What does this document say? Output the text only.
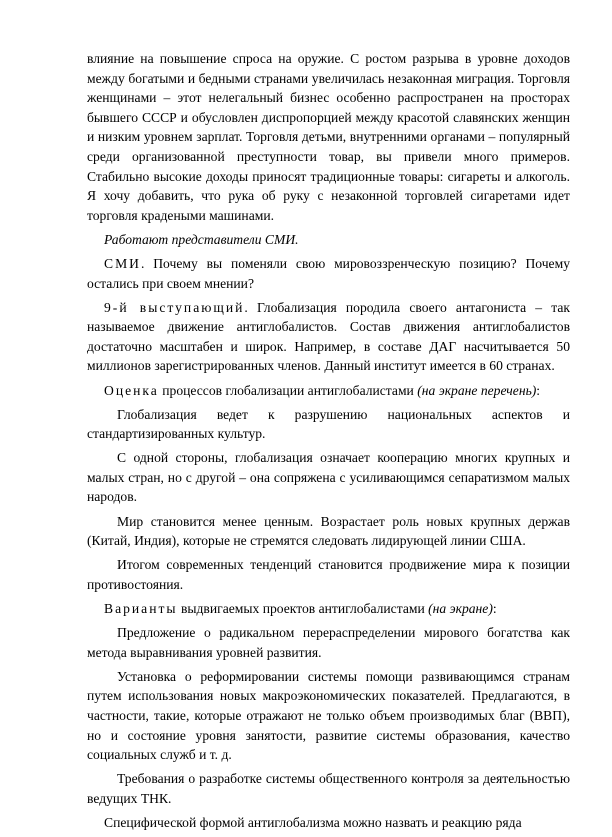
влияние на повышение спроса на оружие. С ростом разрыва в уровне доходов между богатыми и бедными странами увеличилась незаконная миграция. Торговля женщинами – этот нелегальный бизнес особенно распространен на просторах бывшего СССР и обусловлен диспропорцией между красотой славянских женщин и низким уровнем зарплат. Торговля детьми, внутренними органами – популярный среди организованной преступности товар, вы привели много примеров. Стабильно высокие доходы приносят традиционные товары: сигареты и алкоголь. Я хочу добавить, что рука об руку с незаконной торговлей сигаретами идет торговля крадеными машинами.

Работают представители СМИ.

СМИ. Почему вы поменяли свою мировоззренческую позицию? Почему остались при своем мнении?

9-й выступающий. Глобализация породила своего антагониста – так называемое движение антиглобалистов. Состав движения антиглобалистов достаточно масштабен и широк. Например, в составе ДАГ насчитывается 50 миллионов зарегистрированных членов. Данный институт имеется в 60 странах.

Оценка процессов глобализации антиглобалистами (на экране перечень):

Глобализация ведет к разрушению национальных аспектов и стандартизированных культур.

С одной стороны, глобализация означает кооперацию многих крупных и малых стран, но с другой – она сопряжена с усиливающимся сепаратизмом малых народов.

Мир становится менее ценным. Возрастает роль новых крупных держав (Китай, Индия), которые не стремятся следовать лидирующей линии США.

Итогом современных тенденций становится продвижение мира к позиции противостояния.

Варианты выдвигаемых проектов антиглобалистами (на экране):

Предложение о радикальном перераспределении мирового богатства как метода выравнивания уровней развития.

Установка о реформировании системы помощи развивающимся странам путем использования новых макроэкономических показателей. Предлагаются, в частности, такие, которые отражают не только объем производимых благ (ВВП), но и состояние уровня занятости, развитие системы образования, качество социальных служб и т. д.

Требования о разработке системы общественного контроля за деятельностью ведущих ТНК.

Специфической формой антиглобализма можно назвать и реакцию ряда
